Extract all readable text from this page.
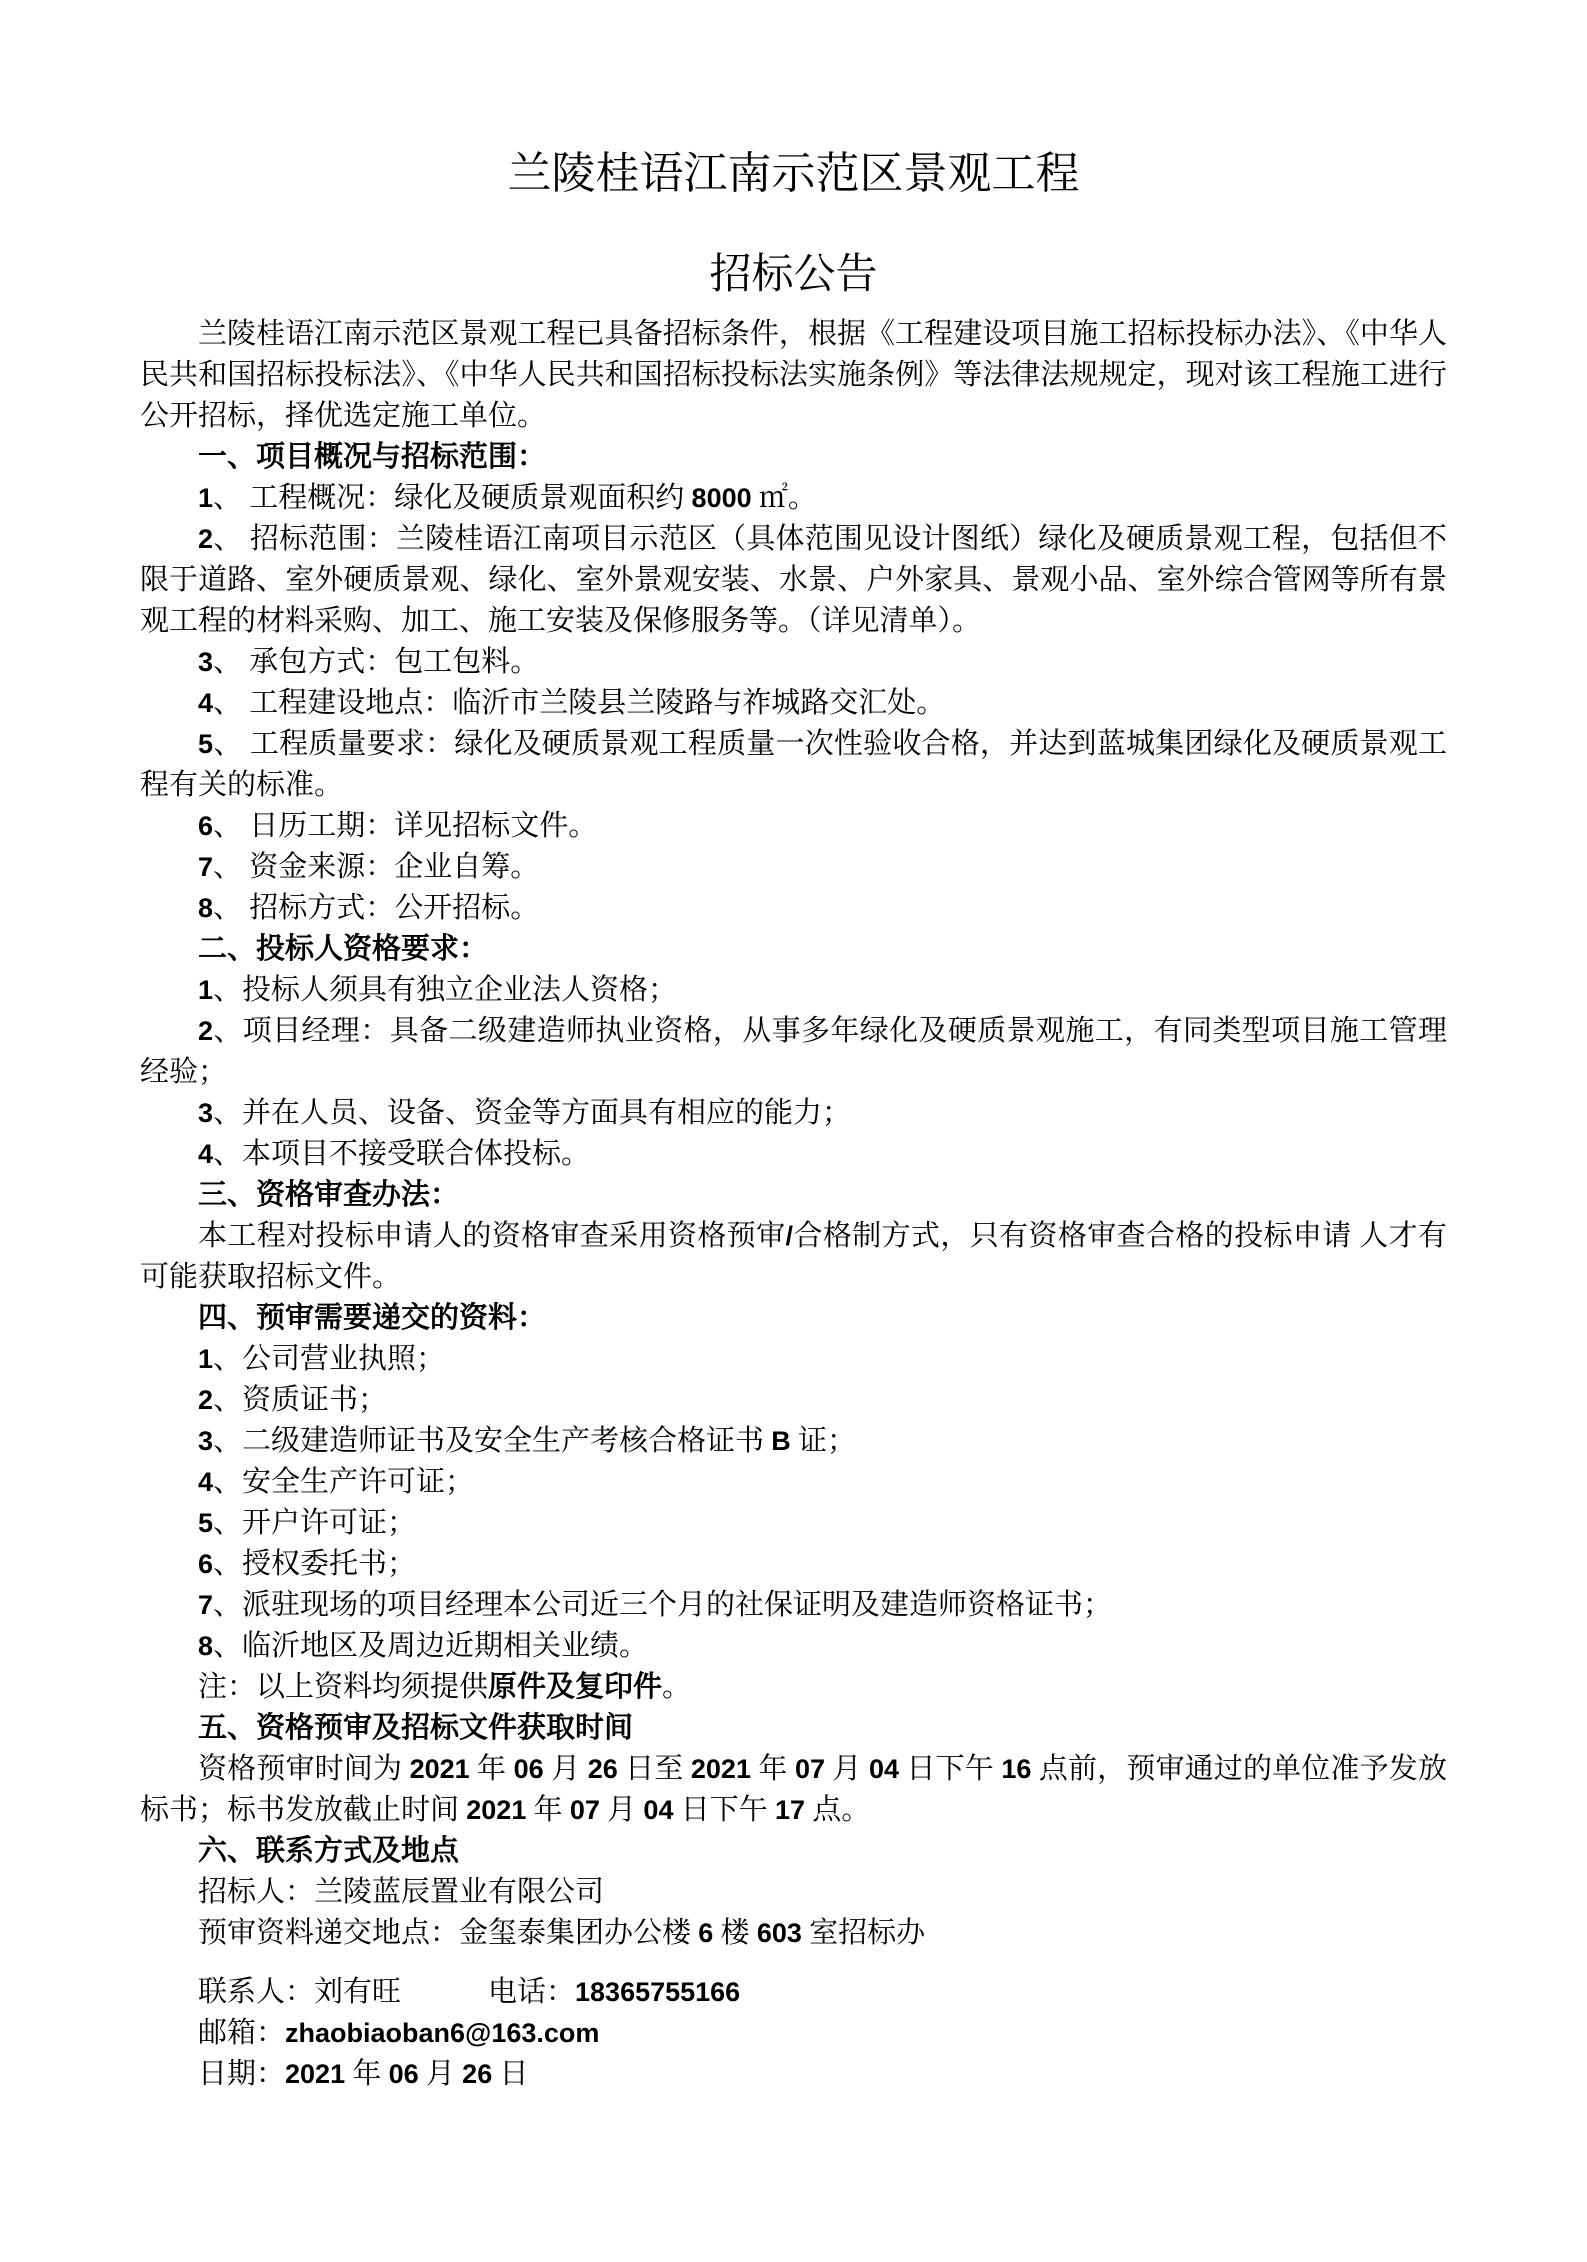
兰陵桂语江南示范区景观工程
招标公告
兰陵桂语江南示范区景观工程已具备招标条件，根据《工程建设项目施工招标投标办法》、《中华人民共和国招标投标法》、《中华人民共和国招标投标法实施条例》等法律法规规定，现对该工程施工进行公开招标，择优选定施工单位。
一、项目概况与招标范围：
1、 工程概况：绿化及硬质景观面积约 8000 ㎡。
2、 招标范围：兰陵桂语江南项目示范区（具体范围见设计图纸）绿化及硬质景观工程，包括但不限于道路、室外硬质景观、绿化、室外景观安装、水景、户外家具、景观小品、室外综合管网等所有景观工程的材料采购、加工、施工安装及保修服务等。（详见清单）。
3、 承包方式：包工包料。
4、 工程建设地点：临沂市兰陵县兰陵路与祚城路交汇处。
5、 工程质量要求：绿化及硬质景观工程质量一次性验收合格，并达到蓝城集团绿化及硬质景观工程有关的标准。
6、 日历工期：详见招标文件。
7、 资金来源：企业自筹。
8、 招标方式：公开招标。
二、投标人资格要求：
1、投标人须具有独立企业法人资格；
2、项目经理：具备二级建造师执业资格，从事多年绿化及硬质景观施工，有同类型项目施工管理经验；
3、并在人员、设备、资金等方面具有相应的能力；
4、本项目不接受联合体投标。
三、资格审查办法：
本工程对投标申请人的资格审查采用资格预审/合格制方式，只有资格审查合格的投标申请 人才有可能获取招标文件。
四、预审需要递交的资料：
1、公司营业执照；
2、资质证书；
3、二级建造师证书及安全生产考核合格证书 B 证；
4、安全生产许可证；
5、开户许可证；
6、授权委托书；
7、派驻现场的项目经理本公司近三个月的社保证明及建造师资格证书；
8、临沂地区及周边近期相关业绩。
注：以上资料均须提供原件及复印件。
五、资格预审及招标文件获取时间
资格预审时间为 2021 年 06 月 26 日至 2021 年 07 月 04 日下午 16 点前，预审通过的单位准予发放标书；标书发放截止时间 2021 年 07 月 04 日下午 17 点。
六、联系方式及地点
招标人：兰陵蓝辰置业有限公司
预审资料递交地点：金玺泰集团办公楼 6 楼 603 室招标办
联系人：刘有旺　　　电话：18365755166
邮箱：zhaobiaoban6@163.com
日期：2021 年 06 月 26 日
